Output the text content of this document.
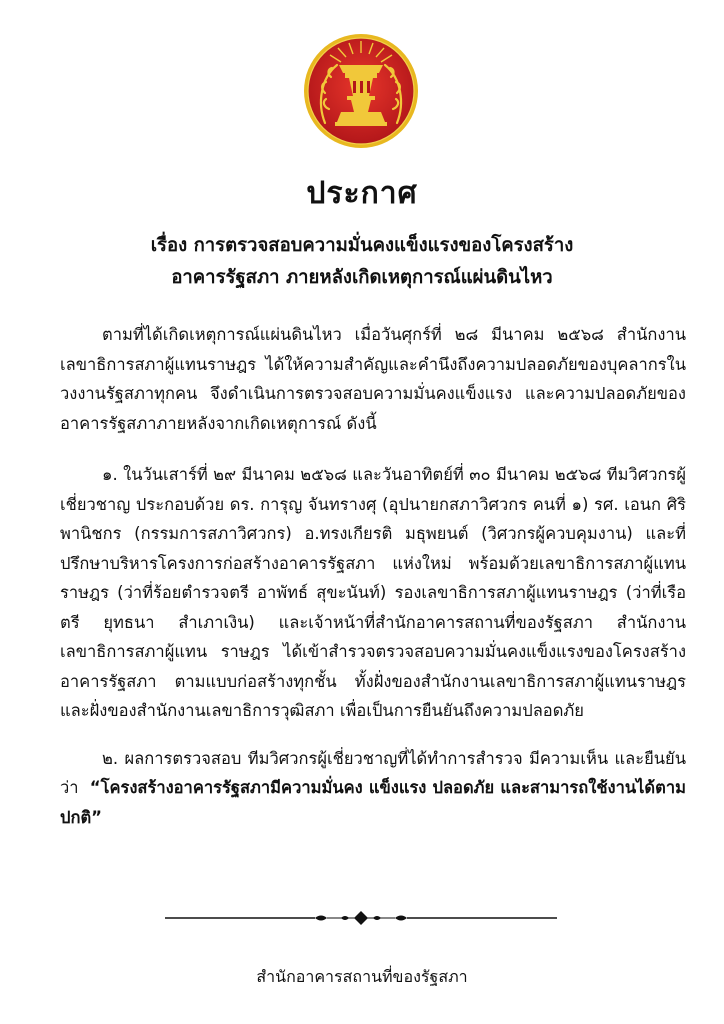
ประกาศ
เรื่อง การตรวจสอบความมั่นคงแข็งแรงของโครงสร้าง
อาคารรัฐสภา ภายหลังเกิดเหตุการณ์แผ่นดินไหว

ตามที่ได้เกิดเหตุการณ์แผ่นดินไหว เมื่อวันศุกร์ที่ ๒๘ มีนาคม ๒๕๖๘ สำนักงานเลขาธิการสภาผู้แทนราษฎร ได้ให้ความสำคัญและคำนึงถึงความปลอดภัยของบุคลากรในวงงานรัฐสภาทุกคน จึงดำเนินการตรวจสอบความมั่นคงแข็งแรง และความปลอดภัยของอาคารรัฐสภาภายหลังจากเกิดเหตุการณ์ ดังนี้

๑. ในวันเสาร์ที่ ๒๙ มีนาคม ๒๕๖๘ และวันอาทิตย์ที่ ๓๐ มีนาคม ๒๕๖๘ ทีมวิศวกรผู้เชี่ยวชาญ ประกอบด้วย ดร. การุญ จันทรางศุ (อุปนายกสภาวิศวกร คนที่ ๑) รศ. เอนก ศิริพานิชกร (กรรมการสภาวิศวกร) อ.ทรงเกียรติ มธุพยนต์ (วิศวกรผู้ควบคุมงาน) และที่ปรึกษาบริหารโครงการก่อสร้างอาคารรัฐสภา แห่งใหม่ พร้อมด้วยเลขาธิการสภาผู้แทนราษฎร (ว่าที่ร้อยตำรวจตรี อาพัทธ์ สุขะนันท์) รองเลขาธิการสภาผู้แทนราษฎร (ว่าที่เรือตรี ยุทธนา สำเภาเงิน) และเจ้าหน้าที่สำนักอาคารสถานที่ของรัฐสภา สำนักงานเลขาธิการสภาผู้แทน ราษฎร ได้เข้าสำรวจตรวจสอบความมั่นคงแข็งแรงของโครงสร้างอาคารรัฐสภา ตามแบบก่อสร้างทุกชั้น ทั้งฝั่งของสำนักงานเลขาธิการสภาผู้แทนราษฎร และฝั่งของสำนักงานเลขาธิการวุฒิสภา เพื่อเป็นการยืนยันถึงความปลอดภัย

๒. ผลการตรวจสอบ ทีมวิศวกรผู้เชี่ยวชาญที่ได้ทำการสำรวจ มีความเห็น และยืนยันว่า “โครงสร้างอาคารรัฐสภามีความมั่นคง แข็งแรง ปลอดภัย และสามารถใช้งานได้ตามปกติ”

สำนักอาคารสถานที่ของรัฐสภา
